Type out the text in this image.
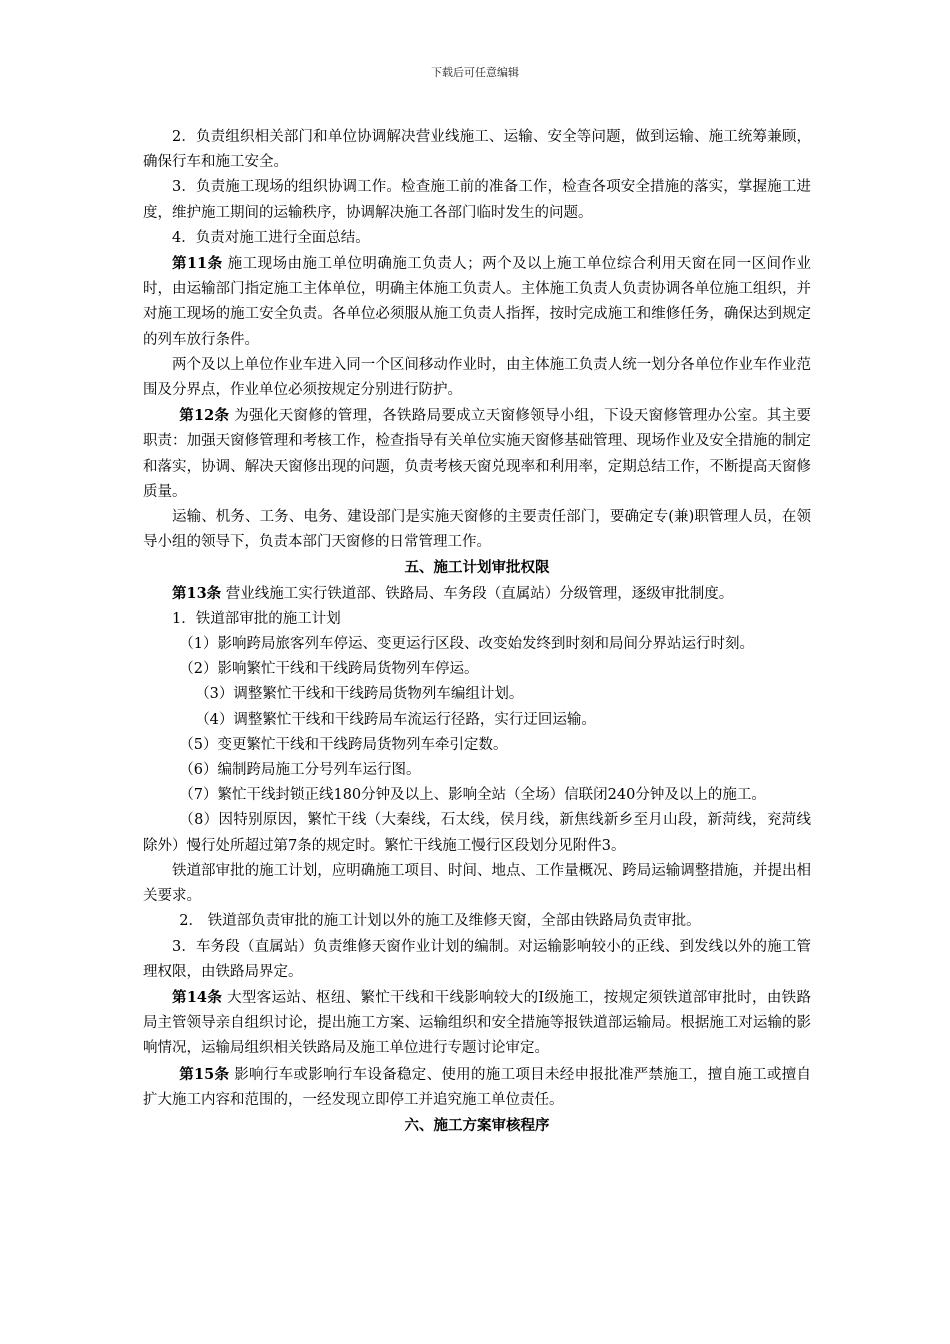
下载后可任意编辑

2．负责组织相关部门和单位协调解决营业线施工、运输、安全等问题，做到运输、施工统筹兼顾，确保行车和施工安全。

3．负责施工现场的组织协调工作。检查施工前的准备工作，检查各项安全措施的落实，掌握施工进度，维护施工期间的运输秩序，协调解决施工各部门临时发生的问题。

4．负责对施工进行全面总结。

第11条 施工现场由施工单位明确施工负责人；两个及以上施工单位综合利用天窗在同一区间作业时，由运输部门指定施工主体单位，明确主体施工负责人。主体施工负责人负责协调各单位施工组织，并对施工现场的施工安全负责。各单位必须服从施工负责人指挥，按时完成施工和维修任务，确保达到规定的列车放行条件。

两个及以上单位作业车进入同一个区间移动作业时，由主体施工负责人统一划分各单位作业车作业范围及分界点，作业单位必须按规定分别进行防护。

第12条 为强化天窗修的管理，各铁路局要成立天窗修领导小组，下设天窗修管理办公室。其主要职责：加强天窗修管理和考核工作，检查指导有关单位实施天窗修基础管理、现场作业及安全措施的制定和落实，协调、解决天窗修出现的问题，负责考核天窗兑现率和利用率，定期总结工作，不断提高天窗修质量。

运输、机务、工务、电务、建设部门是实施天窗修的主要责任部门，要确定专(兼)职管理人员，在领导小组的领导下，负责本部门天窗修的日常管理工作。

五、施工计划审批权限

第13条 营业线施工实行铁道部、铁路局、车务段（直属站）分级管理，逐级审批制度。

1．铁道部审批的施工计划

（1）影响跨局旅客列车停运、变更运行区段、改变始发终到时刻和局间分界站运行时刻。

（2）影响繁忙干线和干线跨局货物列车停运。

（3）调整繁忙干线和干线跨局货物列车编组计划。

（4）调整繁忙干线和干线跨局车流运行径路，实行迂回运输。

（5）变更繁忙干线和干线跨局货物列车牵引定数。

（6）编制跨局施工分号列车运行图。

（7）繁忙干线封锁正线180分钟及以上、影响全站（全场）信联闭240分钟及以上的施工。

（8）因特别原因，繁忙干线（大秦线，石太线，侯月线，新焦线新乡至月山段，新菏线，兖菏线除外）慢行处所超过第7条的规定时。繁忙干线施工慢行区段划分见附件3。

铁道部审批的施工计划，应明确施工项目、时间、地点、工作量概况、跨局运输调整措施，并提出相关要求。

2． 铁道部负责审批的施工计划以外的施工及维修天窗，全部由铁路局负责审批。

3．车务段（直属站）负责维修天窗作业计划的编制。对运输影响较小的正线、到发线以外的施工管理权限，由铁路局界定。

第14条 大型客运站、枢纽、繁忙干线和干线影响较大的Ⅰ级施工，按规定须铁道部审批时，由铁路局主管领导亲自组织讨论，提出施工方案、运输组织和安全措施等报铁道部运输局。根据施工对运输的影响情况，运输局组织相关铁路局及施工单位进行专题讨论审定。

第15条 影响行车或影响行车设备稳定、使用的施工项目未经申报批准严禁施工，擅自施工或擅自扩大施工内容和范围的，一经发现立即停工并追究施工单位责任。

六、施工方案审核程序
